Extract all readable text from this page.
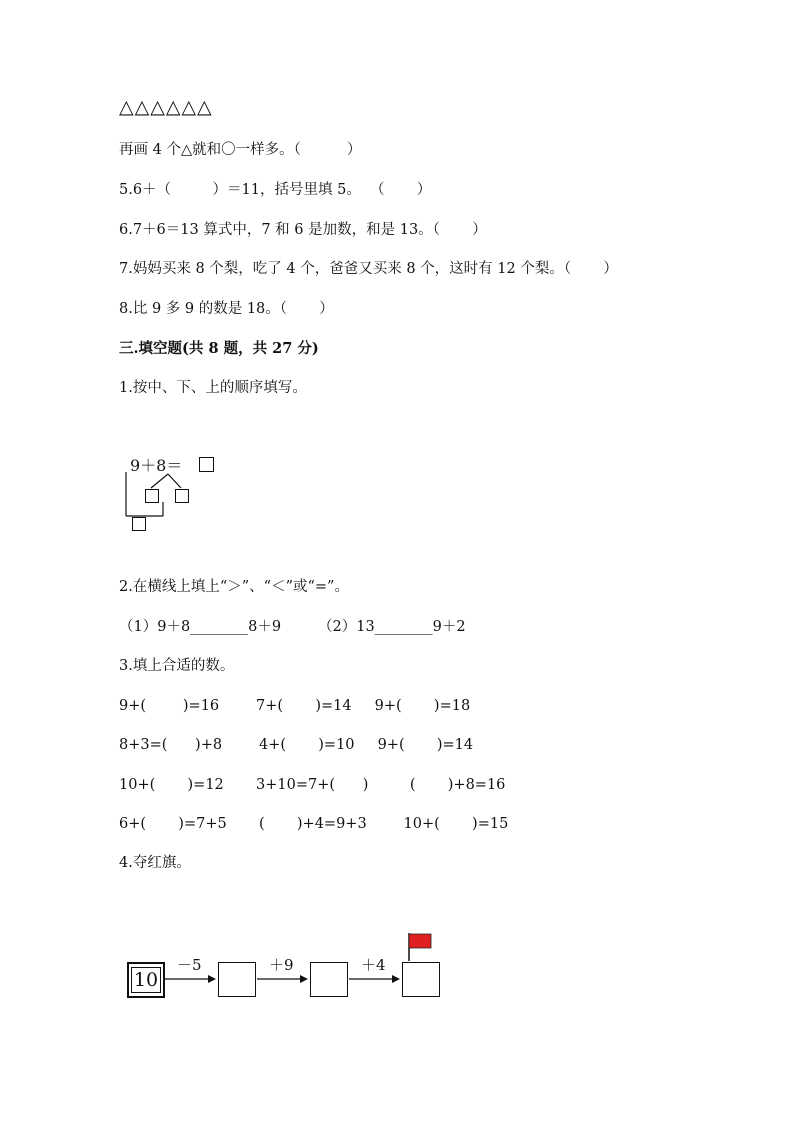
△△△△△△
再画 4 个△就和〇一样多。（          ）
5.6＋（         ）＝11，括号里填 5。  （       ）
6.7＋6＝13 算式中，7 和 6 是加数，和是 13。（       ）
7.妈妈买来 8 个梨，吃了 4 个，爸爸又买来 8 个，这时有 12 个梨。（       ）
8.比 9 多 9 的数是 18。（       ）
三.填空题(共 8 题，共 27 分)
1.按中、下、上的顺序填写。
9＋8＝
2.在横线上填上“＞”、“＜”或“=”。
（1）9＋8________8＋9        （2）13________9＋2
3.填上合适的数。
9+(        )=16        7+(       )=14     9+(       )=18
8+3=(      )+8        4+(       )=10     9+(       )=14
10+(       )=12       3+10=7+(      )         (       )+8=16
6+(       )=7+5       (       )+4=9+3        10+(       )=15
4.夺红旗。
10
－5	＋9	＋4
